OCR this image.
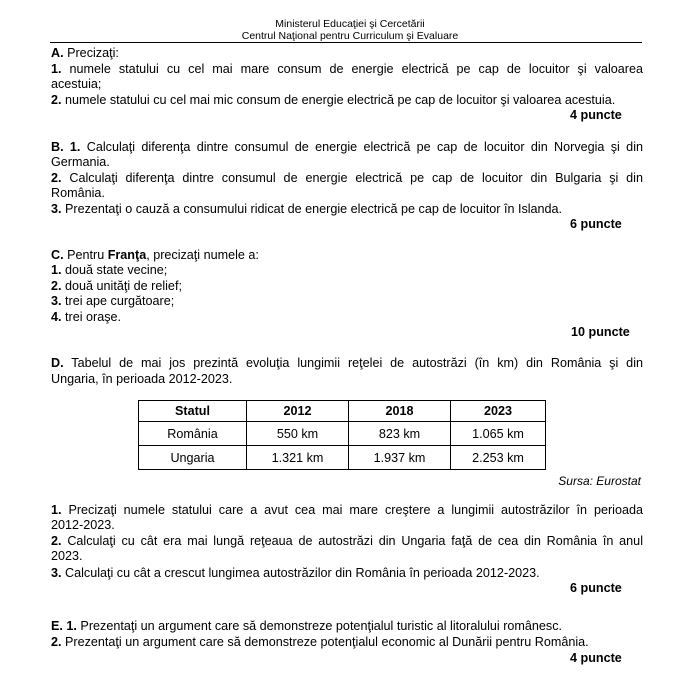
Ministerul Educaţiei şi Cercetării
Centrul Naţional pentru Curriculum şi Evaluare
A. Precizaţi:
1. numele statului cu cel mai mare consum de energie electrică pe cap de locuitor şi valoarea
acestuia;
2. numele statului cu cel mai mic consum de energie electrică pe cap de locuitor şi valoarea acestuia.
4 puncte
B. 1. Calculaţi diferenţa dintre consumul de energie electrică pe cap de locuitor din Norvegia şi din
Germania.
2. Calculaţi diferenţa dintre consumul de energie electrică pe cap de locuitor din Bulgaria şi din
România.
3. Prezentaţi o cauză a consumului ridicat de energie electrică pe cap de locuitor în Islanda.
6 puncte
C. Pentru Franţa, precizaţi numele a:
1. două state vecine;
2. două unităţi de relief;
3. trei ape curgătoare;
4. trei oraşe.
10 puncte
D. Tabelul de mai jos prezintă evoluţia lungimii reţelei de autostrăzi (în km) din România şi din
Ungaria, în perioada 2012-2023.
Statul	2012	2018	2023
România	550 km	823 km	1.065 km
Ungaria	1.321 km	1.937 km	2.253 km
Sursa: Eurostat
1. Precizaţi numele statului care a avut cea mai mare creştere a lungimii autostrăzilor în perioada
2012-2023.
2. Calculaţi cu cât era mai lungă reţeaua de autostrăzi din Ungaria faţă de cea din România în anul
2023.
3. Calculaţi cu cât a crescut lungimea autostrăzilor din România în perioada 2012-2023.
6 puncte
E. 1. Prezentaţi un argument care să demonstreze potenţialul turistic al litoralului românesc.
2. Prezentaţi un argument care să demonstreze potenţialul economic al Dunării pentru România.
4 puncte
